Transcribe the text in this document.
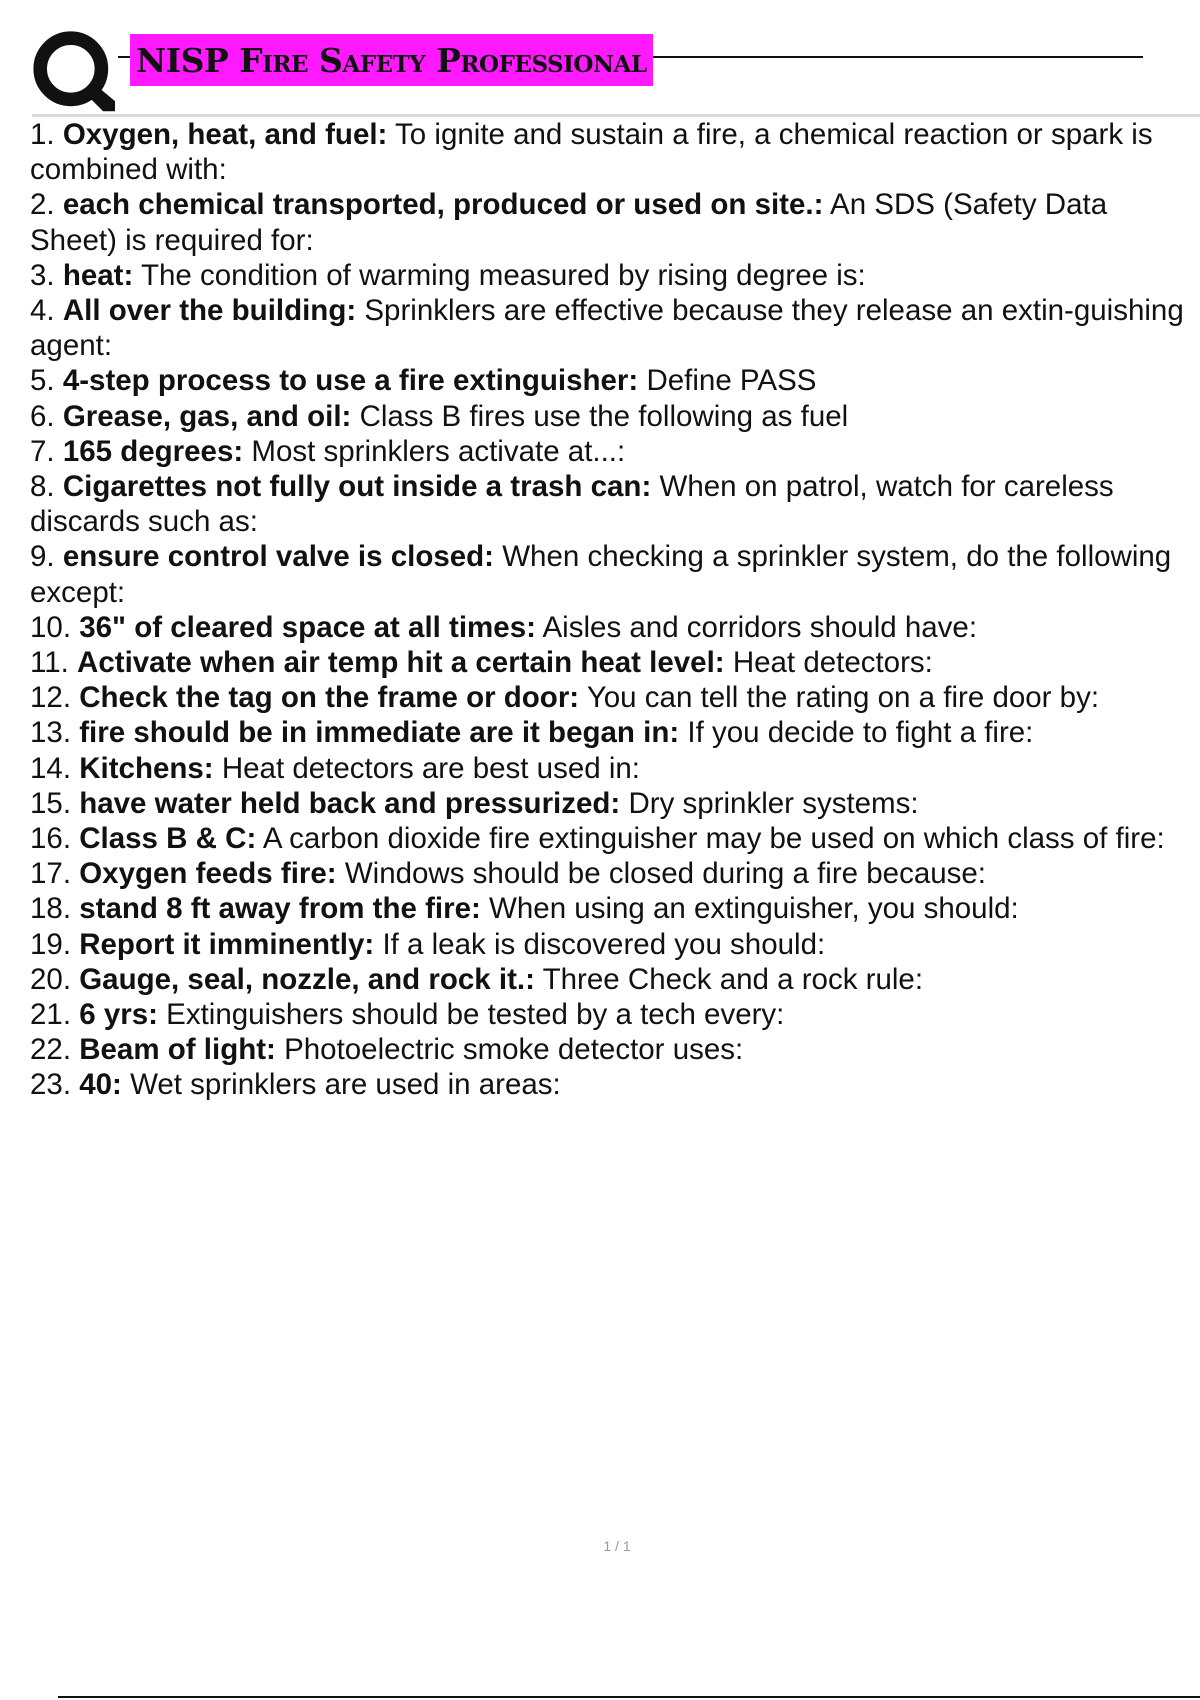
NISP Fire Safety Professional
1. Oxygen, heat, and fuel: To ignite and sustain a fire, a chemical reaction or spark is combined with:
2. each chemical transported, produced or used on site.: An SDS (Safety Data Sheet) is required for:
3. heat: The condition of warming measured by rising degree is:
4. All over the building: Sprinklers are effective because they release an extin-guishing agent:
5. 4-step process to use a fire extinguisher: Define PASS
6. Grease, gas, and oil: Class B fires use the following as fuel
7. 165 degrees: Most sprinklers activate at...:
8. Cigarettes not fully out inside a trash can: When on patrol, watch for careless discards such as:
9. ensure control valve is closed: When checking a sprinkler system, do the following except:
10. 36" of cleared space at all times: Aisles and corridors should have:
11. Activate when air temp hit a certain heat level: Heat detectors:
12. Check the tag on the frame or door: You can tell the rating on a fire door by:
13. fire should be in immediate are it began in: If you decide to fight a fire:
14. Kitchens: Heat detectors are best used in:
15. have water held back and pressurized: Dry sprinkler systems:
16. Class B & C: A carbon dioxide fire extinguisher may be used on which class of fire:
17. Oxygen feeds fire: Windows should be closed during a fire because:
18. stand 8 ft away from the fire: When using an extinguisher, you should:
19. Report it imminently: If a leak is discovered you should:
20. Gauge, seal, nozzle, and rock it.: Three Check and a rock rule:
21. 6 yrs: Extinguishers should be tested by a tech every:
22. Beam of light: Photoelectric smoke detector uses:
23. 40: Wet sprinklers are used in areas:
1 / 1
